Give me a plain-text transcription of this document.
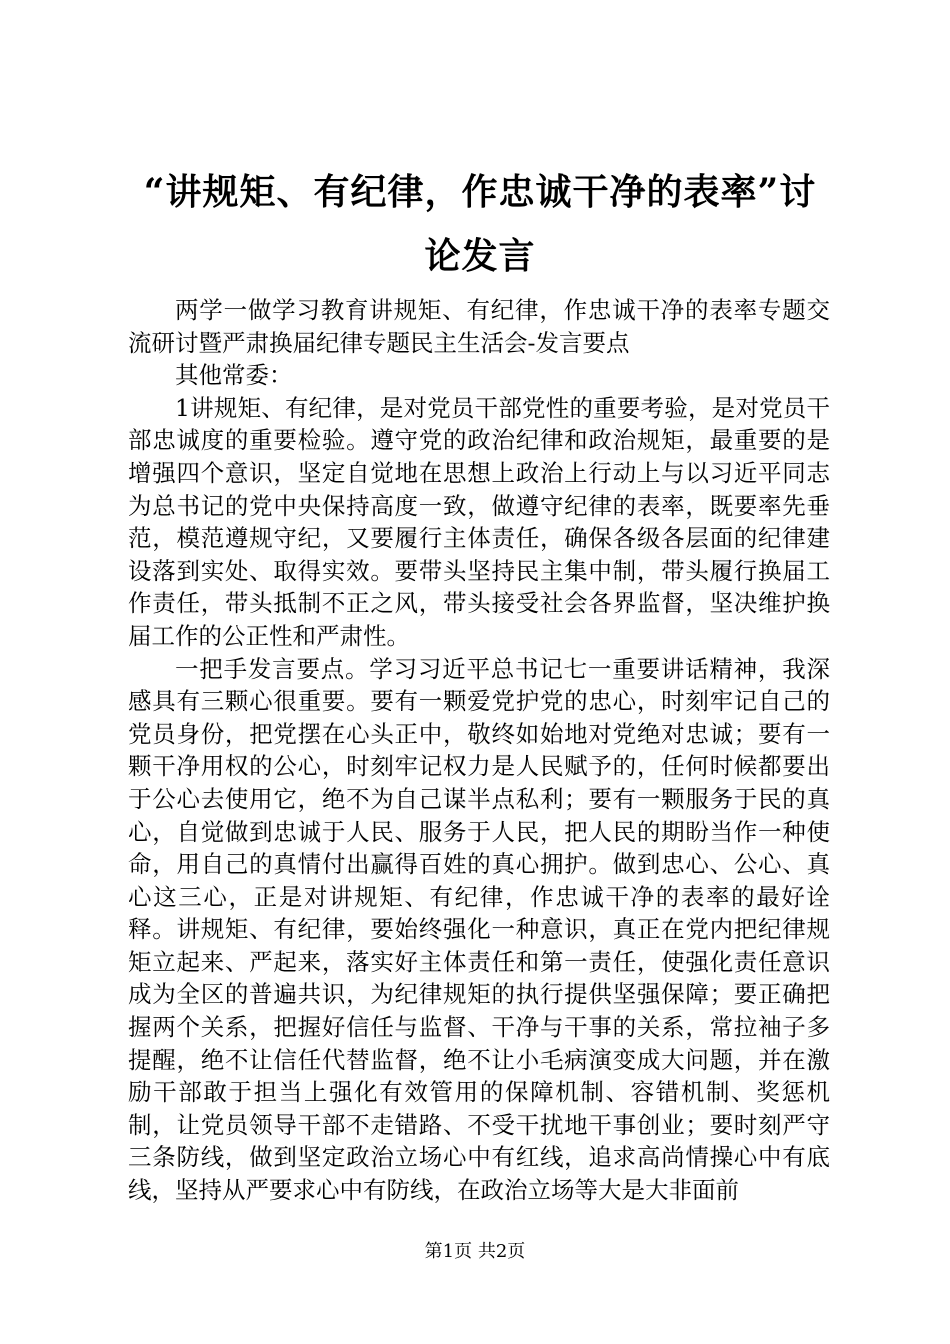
“讲规矩、有纪律，作忠诚干净的表率”讨论发言

两学一做学习教育讲规矩、有纪律，作忠诚干净的表率专题交流研讨暨严肃换届纪律专题民主生活会-发言要点

其他常委：

1讲规矩、有纪律，是对党员干部党性的重要考验，是对党员干部忠诚度的重要检验。遵守党的政治纪律和政治规矩，最重要的是增强四个意识，坚定自觉地在思想上政治上行动上与以习近平同志为总书记的党中央保持高度一致，做遵守纪律的表率，既要率先垂范，模范遵规守纪，又要履行主体责任，确保各级各层面的纪律建设落到实处、取得实效。要带头坚持民主集中制，带头履行换届工作责任，带头抵制不正之风，带头接受社会各界监督，坚决维护换届工作的公正性和严肃性。

一把手发言要点。学习习近平总书记七一重要讲话精神，我深感具有三颗心很重要。要有一颗爱党护党的忠心，时刻牢记自己的党员身份，把党摆在心头正中，敬终如始地对党绝对忠诚；要有一颗干净用权的公心，时刻牢记权力是人民赋予的，任何时候都要出于公心去使用它，绝不为自己谋半点私利；要有一颗服务于民的真心，自觉做到忠诚于人民、服务于人民，把人民的期盼当作一种使命，用自己的真情付出赢得百姓的真心拥护。做到忠心、公心、真心这三心，正是对讲规矩、有纪律，作忠诚干净的表率的最好诠释。讲规矩、有纪律，要始终强化一种意识，真正在党内把纪律规矩立起来、严起来，落实好主体责任和第一责任，使强化责任意识成为全区的普遍共识，为纪律规矩的执行提供坚强保障；要正确把握两个关系，把握好信任与监督、干净与干事的关系，常拉袖子多提醒，绝不让信任代替监督，绝不让小毛病演变成大问题，并在激励干部敢于担当上强化有效管用的保障机制、容错机制、奖惩机制，让党员领导干部不走错路、不受干扰地干事创业；要时刻严守三条防线，做到坚定政治立场心中有红线，追求高尚情操心中有底线，坚持从严要求心中有防线，在政治立场等大是大非面前

第1页 共2页
